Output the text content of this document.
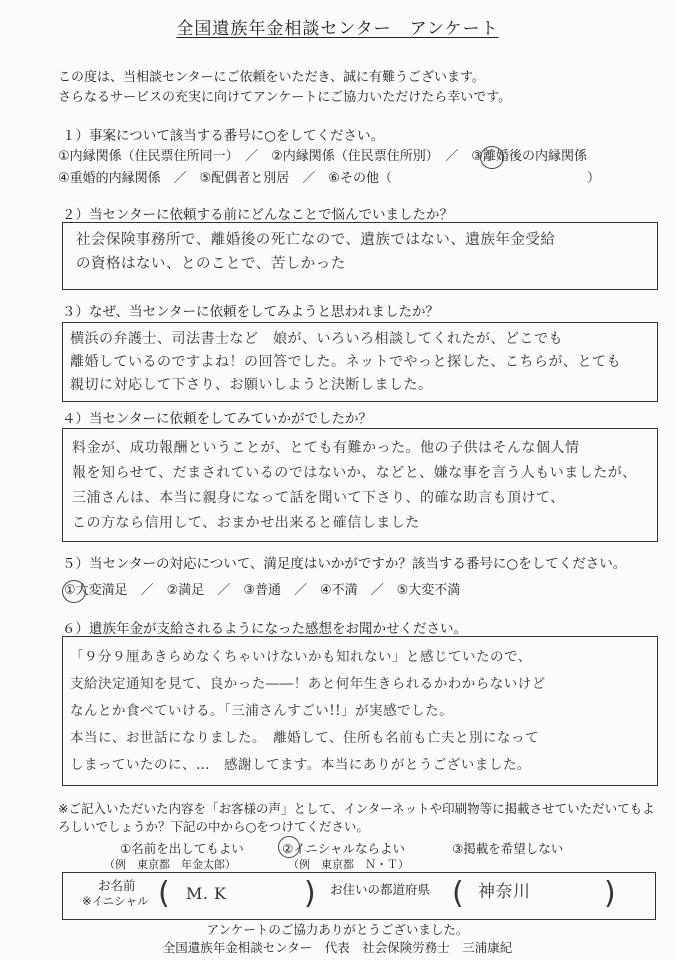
全国遺族年金相談センター　アンケート
この度は、当相談センターにご依頼をいただき、誠に有難うございます。
さらなるサービスの充実に向けてアンケートにご協力いただけたら幸いです。
１）事案について該当する番号に○をしてください。
①内縁関係（住民票住所同一）　／　②内縁関係（住民票住所別）　／　③離婚後の内縁関係
④重婚的内縁関係　／　⑤配偶者と別居　／　⑥その他（　　　　　　　　　　　　　　　）
２）当センターに依頼する前にどんなことで悩んでいましたか？
社会保険事務所で、離婚後の死亡なので、遺族ではない、遺族年金受給
の資格はない、とのことで、苦しかった
３）なぜ、当センターに依頼をしてみようと思われましたか？
横浜の弁護士、司法書士など　娘が、いろいろ相談してくれたが、どこでも
離婚しているのですよね！の回答でした。ネットでやっと探した、こちらが、とても
親切に対応して下さり、お願いしようと決断しました。
４）当センターに依頼をしてみていかがでしたか？
料金が、成功報酬ということが、とても有難かった。他の子供はそんな個人情
報を知らせて、だまされているのではないか、などと、嫌な事を言う人もいましたが、
三浦さんは、本当に親身になって話を聞いて下さり、的確な助言も頂けて、
この方なら信用して、おまかせ出来ると確信しました
５）当センターの対応について、満足度はいかがですか？該当する番号に○をしてください。
①大変満足　／　②満足　／　③普通　／　④不満　／　⑤大変不満
６）遺族年金が支給されるようになった感想をお聞かせください。
「９分９厘あきらめなくちゃいけないかも知れない」と感じていたので、
支給決定通知を見て、良かった――！あと何年生きられるかわからないけど
なんとか食べていける。「三浦さんすごい!!」が実感でした。
本当に、お世話になりました。　離婚して、住所も名前も亡夫と別になって
しまっていたのに、…　感謝してます。本当にありがとうございました。
※ご記入いただいた内容を「お客様の声」として、インターネットや印刷物等に掲載させていただいてもよろしいでしょうか？下記の中から○をつけてください。
①名前を出してもよい
（例　東京都　年金太郎）
②イニシャルならよい
（例　東京都　Ｎ・Ｔ）
③掲載を希望しない
お名前
※イニシャル ( M. K	) お住いの都道府県 ( 神奈川 )
アンケートのご協力ありがとうございました。
全国遺族年金相談センター　代表　社会保険労務士　三浦康紀
